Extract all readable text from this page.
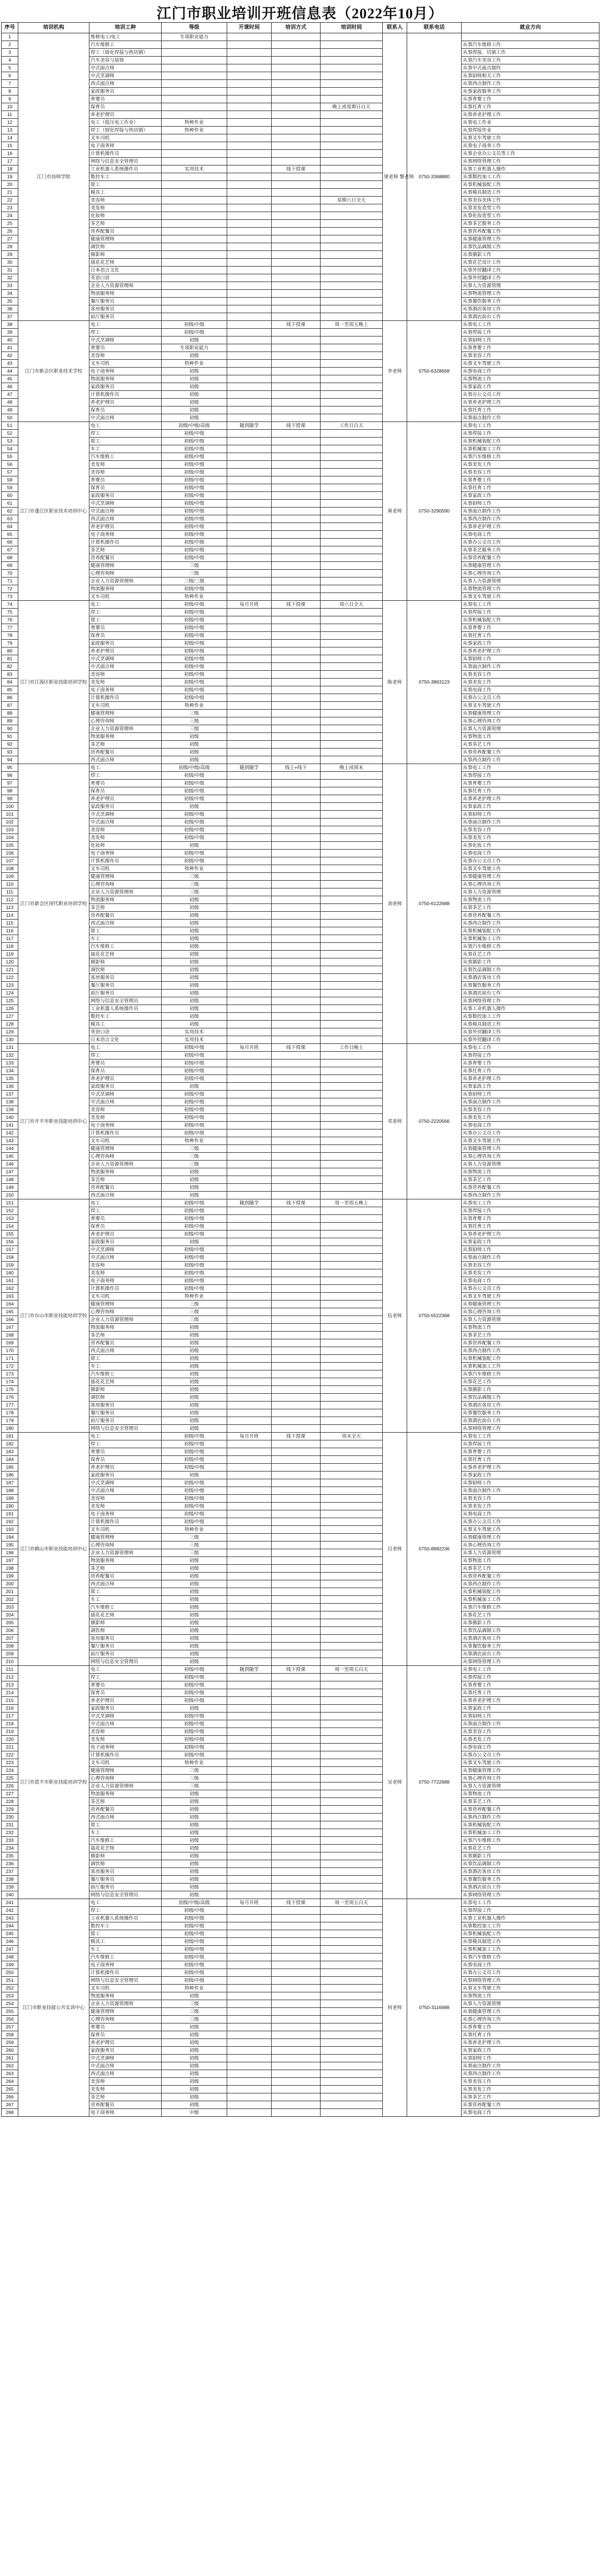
江门市职业培训开班信息表（2022年10月）
序号	培训机构	培训工种	等级	开课时间	培训方式	培训时间	联系人	联系电话	就业方向
1	江门市技师学院	维修电工/电工	专项职业能力				梁老师 黎老师	0750-3368880	
2		汽车维修工							从事汽车维修工作
3		焊工（熔化焊接与热切割）							从事焊接、切割工作
4		汽车美容与装饰							从事汽车美容工作
5		中式面点师							从事中式面点制作
6		中式烹调师							从事厨师相关工作
7		西式面点师							从事西点制作工作
8		家政服务员							从事家政服务工作
9		育婴员							从事育婴工作
10		保育员				晚上或星期日白天			从事托育工作
11		养老护理员							从事养老护理工作
12		电工（低压电工作业）	特种作业						从事电工作业
13		焊工（熔化焊接与热切割）	特种作业						从事焊接作业
14		叉车司机							从事叉车驾驶工作
15		电子商务师							从事电子商务工作
16		计算机操作员							从事企业办公文员等工作
17		网络与信息安全管理员							从事网络管理工作
18		工业机器人系统操作员	实用技术		线下授课				从事工业机器人操作
19		数控车工							从事数控加工工作
20		钳工							从事机械装配工作
21		模具工							从事模具制造工作
22		美容师				星期六日全天			从事美容美体工作
23		美发师							从事美发造型工作
24		化妆师							从事化妆造型工作
25		茶艺师							从事茶艺服务工作
26		营养配餐员							从事营养配餐工作
27		健康管理师							从事健康管理工作
28		调饮师							从事饮品调制工作
29		摄影师							从事摄影工作
30		插花花艺师							从事花艺设计工作
31		日本语言文化							从事外贸翻译工作
32		英语口语							从事外贸翻译工作
33		企业人力资源管理师							从事人力资源管理
34		物流服务师							从事物流管理工作
35		餐厅服务员							从事餐饮服务工作
36		客房服务员							从事酒店客房工作
37		前厅服务员							从事酒店前台工作
38	江门市新会区职业技术学校	电工	初级/中级		线下授课	周一至周五晚上	李老师	0750-6328668	从事电工工作
39		焊工	初级/中级						从事焊接工作
40		中式烹调师	初级						从事厨师工作
41		育婴员	专项职业能力						从事育婴工作
42		美容师	初级						从事美容工作
43		叉车司机	特种作业						从事叉车驾驶工作
44		电子商务师	初级						从事电商工作
45		物流服务师	初级						从事物流工作
46		家政服务员	初级						从事家政工作
47		计算机操作员	初级						从事办公文员工作
48		养老护理员	初级						从事养老护理工作
49		保育员	初级						从事托育工作
50		中式面点师	初级						从事面点制作工作
51	江门市蓬江区职业技术培训中心	电工	初级/中级/高级	随到随学	线下授课	工作日白天	黄老师	0750-3290590	从事电工工作
52		焊工	初级/中级						从事焊接工作
53		钳工	初级/中级						从事机械装配工作
54		车工	初级/中级						从事机械加工工作
55		汽车维修工	初级/中级						从事汽车维修工作
56		美发师	初级/中级						从事美发工作
57		美容师	初级/中级						从事美容工作
58		育婴员	初级/中级						从事育婴工作
59		保育员	初级/中级						从事托育工作
60		家政服务员	初级/中级						从事家政工作
61		中式烹调师	初级/中级						从事厨师工作
62		中式面点师	初级/中级						从事面点制作工作
63		西式面点师	初级/中级						从事西点制作工作
64		养老护理员	初级/中级						从事养老护理工作
65		电子商务师	初级/中级						从事电商工作
66		计算机操作员	初级/中级						从事办公文员工作
67		茶艺师	初级/中级						从事茶艺服务工作
68		营养配餐员	初级/中级						从事营养配餐工作
69		健康管理师	三级						从事健康管理工作
70		心理咨询师	三级						从事心理咨询工作
71		企业人力资源管理师	三级/二级						从事人力资源管理
72		物流服务师	初级/中级						从事物流管理工作
73		叉车司机	特种作业						从事叉车驾驶工作
74	江门市江海区职业技能培训学校	电工	初级/中级	每月开班	线下授课	周六日全天	陈老师	0750-3863123	从事电工工作
75		焊工	初级/中级						从事焊接工作
76		钳工	初级/中级						从事机械装配工作
77		育婴员	初级/中级						从事育婴工作
78		保育员	初级/中级						从事托育工作
79		家政服务员	初级/中级						从事家政工作
80		养老护理员	初级/中级						从事养老护理工作
81		中式烹调师	初级/中级						从事厨师工作
82		中式面点师	初级/中级						从事面点制作工作
83		美容师	初级/中级						从事美容工作
84		美发师	初级/中级						从事美发工作
85		电子商务师	初级/中级						从事电商工作
86		计算机操作员	初级/中级						从事办公文员工作
87		叉车司机	特种作业						从事叉车驾驶工作
88		健康管理师	三级						从事健康管理工作
89		心理咨询师	三级						从事心理咨询工作
90		企业人力资源管理师	三级						从事人力资源管理
91		物流服务师	初级						从事物流工作
92		茶艺师	初级						从事茶艺工作
93		营养配餐员	初级						从事营养配餐工作
94		西式面点师	初级						从事西点制作工作
95	江门市新会区现代职业培训学校	电工	初级/中级/高级	随到随学	线上+线下	晚上或周末	刘老师	0750-6122688	从事电工工作
96		焊工	初级/中级						从事焊接工作
97		育婴员	初级/中级						从事育婴工作
98		保育员	初级/中级						从事托育工作
99		养老护理员	初级/中级						从事养老护理工作
100		家政服务员	初级						从事家政工作
101		中式烹调师	初级/中级						从事厨师工作
102		中式面点师	初级/中级						从事面点制作工作
103		美容师	初级/中级						从事美容工作
104		美发师	初级/中级						从事美发工作
105		化妆师	初级						从事化妆工作
106		电子商务师	初级/中级						从事电商工作
107		计算机操作员	初级/中级						从事办公文员工作
108		叉车司机	特种作业						从事叉车驾驶工作
109		健康管理师	三级						从事健康管理工作
110		心理咨询师	三级						从事心理咨询工作
111		企业人力资源管理师	三级						从事人力资源管理
112		物流服务师	初级						从事物流工作
113		茶艺师	初级						从事茶艺工作
114		营养配餐员	初级						从事营养配餐工作
115		西式面点师	初级						从事西点制作工作
116		钳工	初级						从事机械装配工作
117		车工	初级						从事机械加工工作
118		汽车维修工	初级						从事汽车维修工作
119		插花花艺师	初级						从事花艺工作
120		摄影师	初级						从事摄影工作
121		调饮师	初级						从事饮品调制工作
122		客房服务员	初级						从事酒店客房工作
123		餐厅服务员	初级						从事餐饮服务工作
124		前厅服务员	初级						从事酒店前台工作
125		网络与信息安全管理员	初级						从事网络管理工作
126		工业机器人系统操作员	初级						从事工业机器人操作
127		数控车工	初级						从事数控加工工作
128		模具工	初级						从事模具制造工作
129		英语口语	实用技术						从事外贸翻译工作
130		日本语言文化	实用技术						从事外贸翻译工作
131	江门市开平市职业技能培训中心	电工	初级/中级	每月开班	线下授课	工作日晚上	邓老师	0750-2220566	从事电工工作
132		焊工	初级/中级						从事焊接工作
133		育婴员	初级/中级						从事育婴工作
134		保育员	初级/中级						从事托育工作
135		养老护理员	初级/中级						从事养老护理工作
136		家政服务员	初级						从事家政工作
137		中式烹调师	初级/中级						从事厨师工作
138		中式面点师	初级/中级						从事面点制作工作
139		美容师	初级/中级						从事美容工作
140		美发师	初级/中级						从事美发工作
141		电子商务师	初级/中级						从事电商工作
142		计算机操作员	初级/中级						从事办公文员工作
143		叉车司机	特种作业						从事叉车驾驶工作
144		健康管理师	三级						从事健康管理工作
145		心理咨询师	三级						从事心理咨询工作
146		企业人力资源管理师	三级						从事人力资源管理
147		物流服务师	初级						从事物流工作
148		茶艺师	初级						从事茶艺工作
149		营养配餐员	初级						从事营养配餐工作
150		西式面点师	初级						从事西点制作工作
151	江门市台山市职业技能培训学校	电工	初级/中级	随到随学	线下授课	周一至周五晚上	伍老师	0750-5522368	从事电工工作
152		焊工	初级/中级						从事焊接工作
153		育婴员	初级/中级						从事育婴工作
154		保育员	初级/中级						从事托育工作
155		养老护理员	初级/中级						从事养老护理工作
156		家政服务员	初级						从事家政工作
157		中式烹调师	初级/中级						从事厨师工作
158		中式面点师	初级/中级						从事面点制作工作
159		美容师	初级/中级						从事美容工作
160		美发师	初级/中级						从事美发工作
161		电子商务师	初级/中级						从事电商工作
162		计算机操作员	初级/中级						从事办公文员工作
163		叉车司机	特种作业						从事叉车驾驶工作
164		健康管理师	三级						从事健康管理工作
165		心理咨询师	三级						从事心理咨询工作
166		企业人力资源管理师	三级						从事人力资源管理
167		物流服务师	初级						从事物流工作
168		茶艺师	初级						从事茶艺工作
169		营养配餐员	初级						从事营养配餐工作
170		西式面点师	初级						从事西点制作工作
171		钳工	初级						从事机械装配工作
172		车工	初级						从事机械加工工作
173		汽车维修工	初级						从事汽车维修工作
174		插花花艺师	初级						从事花艺工作
175		摄影师	初级						从事摄影工作
176		调饮师	初级						从事饮品调制工作
177		客房服务员	初级						从事酒店客房工作
178		餐厅服务员	初级						从事餐饮服务工作
179		前厅服务员	初级						从事酒店前台工作
180		网络与信息安全管理员	初级						从事网络管理工作
181	江门市鹤山市职业技能培训中心	电工	初级/中级	每月开班	线下授课	周末全天	吕老师	0750-8882236	从事电工工作
182		焊工	初级/中级						从事焊接工作
183		育婴员	初级/中级						从事育婴工作
184		保育员	初级/中级						从事托育工作
185		养老护理员	初级/中级						从事养老护理工作
186		家政服务员	初级						从事家政工作
187		中式烹调师	初级/中级						从事厨师工作
188		中式面点师	初级/中级						从事面点制作工作
189		美容师	初级/中级						从事美容工作
190		美发师	初级/中级						从事美发工作
191		电子商务师	初级/中级						从事电商工作
192		计算机操作员	初级/中级						从事办公文员工作
193		叉车司机	特种作业						从事叉车驾驶工作
194		健康管理师	三级						从事健康管理工作
195		心理咨询师	三级						从事心理咨询工作
196		企业人力资源管理师	三级						从事人力资源管理
197		物流服务师	初级						从事物流工作
198		茶艺师	初级						从事茶艺工作
199		营养配餐员	初级						从事营养配餐工作
200		西式面点师	初级						从事西点制作工作
201		钳工	初级						从事机械装配工作
202		车工	初级						从事机械加工工作
203		汽车维修工	初级						从事汽车维修工作
204		插花花艺师	初级						从事花艺工作
205		摄影师	初级						从事摄影工作
206		调饮师	初级						从事饮品调制工作
207		客房服务员	初级						从事酒店客房工作
208		餐厅服务员	初级						从事餐饮服务工作
209		前厅服务员	初级						从事酒店前台工作
210		网络与信息安全管理员	初级						从事网络管理工作
211	江门市恩平市职业技能培训学校	电工	初级/中级	随到随学	线下授课	周一至周五白天	吴老师	0750-7722688	从事电工工作
212		焊工	初级/中级						从事焊接工作
213		育婴员	初级/中级						从事育婴工作
214		保育员	初级/中级						从事托育工作
215		养老护理员	初级/中级						从事养老护理工作
216		家政服务员	初级						从事家政工作
217		中式烹调师	初级/中级						从事厨师工作
218		中式面点师	初级/中级						从事面点制作工作
219		美容师	初级/中级						从事美容工作
220		美发师	初级/中级						从事美发工作
221		电子商务师	初级/中级						从事电商工作
222		计算机操作员	初级/中级						从事办公文员工作
223		叉车司机	特种作业						从事叉车驾驶工作
224		健康管理师	三级						从事健康管理工作
225		心理咨询师	三级						从事心理咨询工作
226		企业人力资源管理师	三级						从事人力资源管理
227		物流服务师	初级						从事物流工作
228		茶艺师	初级						从事茶艺工作
229		营养配餐员	初级						从事营养配餐工作
230		西式面点师	初级						从事西点制作工作
231		钳工	初级						从事机械装配工作
232		车工	初级						从事机械加工工作
233		汽车维修工	初级						从事汽车维修工作
234		插花花艺师	初级						从事花艺工作
235		摄影师	初级						从事摄影工作
236		调饮师	初级						从事饮品调制工作
237		客房服务员	初级						从事酒店客房工作
238		餐厅服务员	初级						从事餐饮服务工作
239		前厅服务员	初级						从事酒店前台工作
240		网络与信息安全管理员	初级						从事网络管理工作
241	江门市职业技能公共实训中心	电工	初级/中级/高级	每月开班	线下授课	周一至周五白天	何老师	0750-3116988	从事电工工作
242		焊工	初级/中级						从事焊接工作
243		工业机器人系统操作员	初级/中级						从事工业机器人操作
244		数控车工	初级/中级						从事数控加工工作
245		钳工	初级/中级						从事机械装配工作
246		模具工	初级/中级						从事模具制造工作
247		车工	初级/中级						从事机械加工工作
248		汽车维修工	初级/中级						从事汽车维修工作
249		电子商务师	初级/中级						从事电商工作
250		计算机操作员	初级/中级						从事办公文员工作
251		网络与信息安全管理员	初级/中级						从事网络管理工作
252		叉车司机	特种作业						从事叉车驾驶工作
253		物流服务师	初级						从事物流工作
254		企业人力资源管理师	三级						从事人力资源管理
255		健康管理师	三级						从事健康管理工作
256		心理咨询师	三级						从事心理咨询工作
257		育婴员	初级						从事育婴工作
258		保育员	初级						从事托育工作
259		养老护理员	初级						从事养老护理工作
260		家政服务员	初级						从事家政工作
261		中式烹调师	初级						从事厨师工作
262		中式面点师	初级						从事面点制作工作
263		西式面点师	初级						从事西点制作工作
264		美容师	初级						从事美容工作
265		美发师	初级						从事美发工作
266		茶艺师	初级						从事茶艺工作
267		营养配餐员	初级						从事营养配餐工作
268		电子商务师	中级						从事电商工作
